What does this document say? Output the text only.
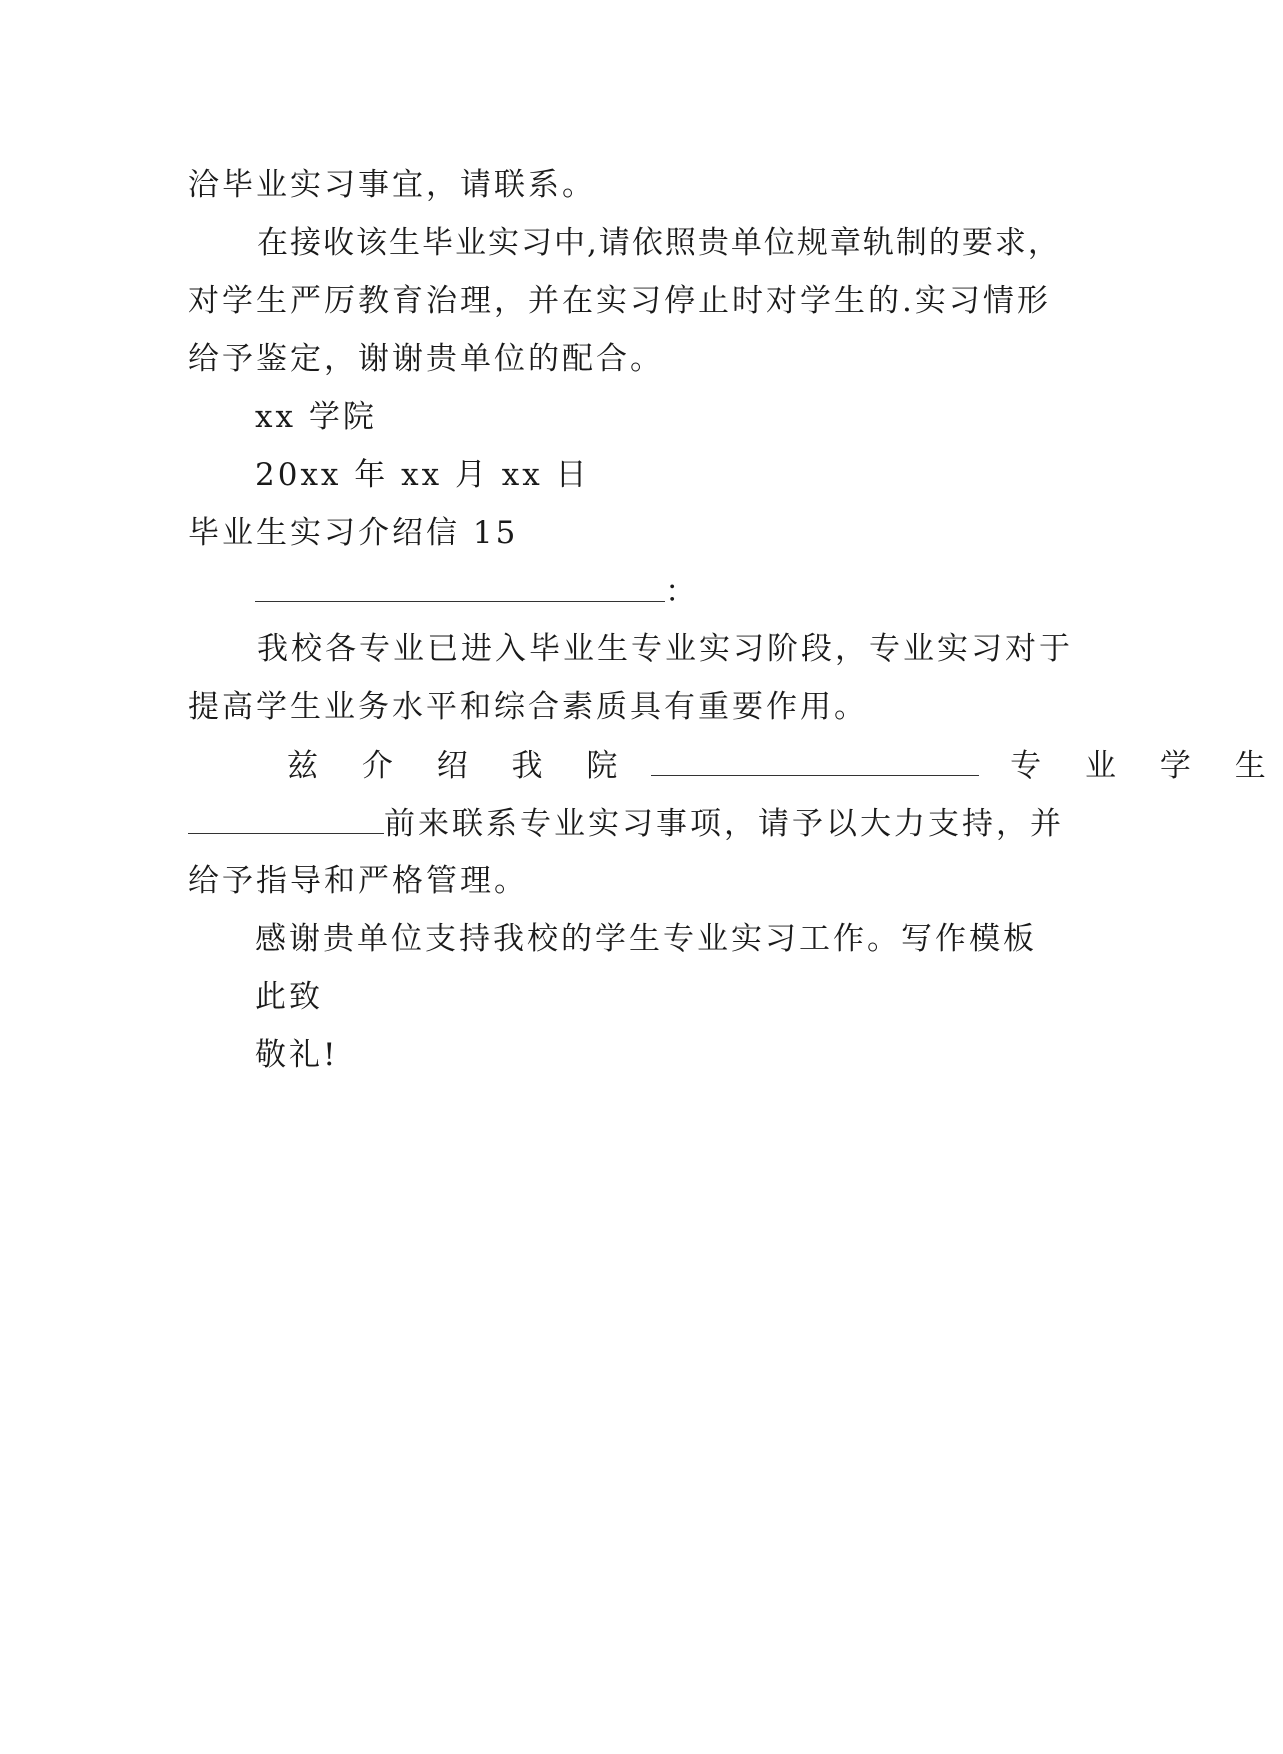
洽毕业实习事宜，请联系。
在接收该生毕业实习中,请依照贵单位规章轨制的要求，
对学生严厉教育治理，并在实习停止时对学生的.实习情形
给予鉴定，谢谢贵单位的配合。
xx 学院
20xx 年 xx 月 xx 日
毕业生实习介绍信 15
：
我校各专业已进入毕业生专业实习阶段，专业实习对于
提高学生业务水平和综合素质具有重要作用。
兹 介 绍 我 院	专 业 学 生
前来联系专业实习事项，请予以大力支持，并
给予指导和严格管理。
感谢贵单位支持我校的学生专业实习工作。写作模板
此致
敬礼!
